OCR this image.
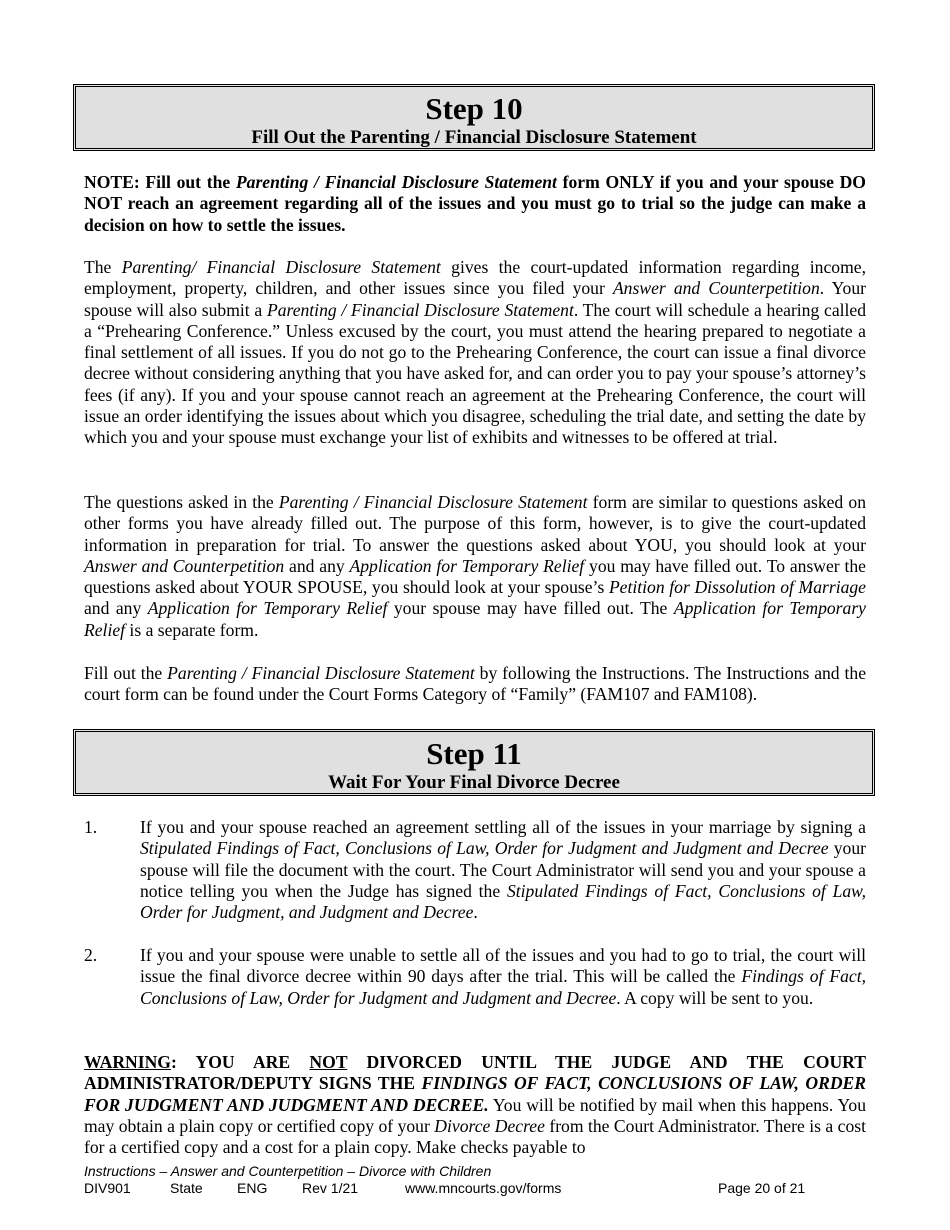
Step 10
Fill Out the Parenting / Financial Disclosure Statement

NOTE: Fill out the Parenting / Financial Disclosure Statement form ONLY if you and your spouse DO NOT reach an agreement regarding all of the issues and you must go to trial so the judge can make a decision on how to settle the issues.

The Parenting/ Financial Disclosure Statement gives the court-updated information regarding income, employment, property, children, and other issues since you filed your Answer and Counterpetition. Your spouse will also submit a Parenting / Financial Disclosure Statement. The court will schedule a hearing called a “Prehearing Conference.” Unless excused by the court, you must attend the hearing prepared to negotiate a final settlement of all issues. If you do not go to the Prehearing Conference, the court can issue a final divorce decree without considering anything that you have asked for, and can order you to pay your spouse’s attorney’s fees (if any). If you and your spouse cannot reach an agreement at the Prehearing Conference, the court will issue an order identifying the issues about which you disagree, scheduling the trial date, and setting the date by which you and your spouse must exchange your list of exhibits and witnesses to be offered at trial.

The questions asked in the Parenting / Financial Disclosure Statement form are similar to questions asked on other forms you have already filled out. The purpose of this form, however, is to give the court-updated information in preparation for trial. To answer the questions asked about YOU, you should look at your Answer and Counterpetition and any Application for Temporary Relief you may have filled out. To answer the questions asked about YOUR SPOUSE, you should look at your spouse’s Petition for Dissolution of Marriage and any Application for Temporary Relief your spouse may have filled out. The Application for Temporary Relief is a separate form.

Fill out the Parenting / Financial Disclosure Statement by following the Instructions. The Instructions and the court form can be found under the Court Forms Category of “Family” (FAM107 and FAM108).

Step 11
Wait For Your Final Divorce Decree
1. If you and your spouse reached an agreement settling all of the issues in your marriage by signing a Stipulated Findings of Fact, Conclusions of Law, Order for Judgment and Judgment and Decree your spouse will file the document with the court. The Court Administrator will send you and your spouse a notice telling you when the Judge has signed the Stipulated Findings of Fact, Conclusions of Law, Order for Judgment, and Judgment and Decree.
2. If you and your spouse were unable to settle all of the issues and you had to go to trial, the court will issue the final divorce decree within 90 days after the trial. This will be called the Findings of Fact, Conclusions of Law, Order for Judgment and Judgment and Decree. A copy will be sent to you.

WARNING: YOU ARE NOT DIVORCED UNTIL THE JUDGE AND THE COURT ADMINISTRATOR/DEPUTY SIGNS THE FINDINGS OF FACT, CONCLUSIONS OF LAW, ORDER FOR JUDGMENT AND JUDGMENT AND DECREE. You will be notified by mail when this happens. You may obtain a plain copy or certified copy of your Divorce Decree from the Court Administrator. There is a cost for a certified copy and a cost for a plain copy. Make checks payable to

Instructions – Answer and Counterpetition – Divorce with Children
DIV901	State ENG Rev 1/21	www.mncourts.gov/forms	Page 20 of 21
